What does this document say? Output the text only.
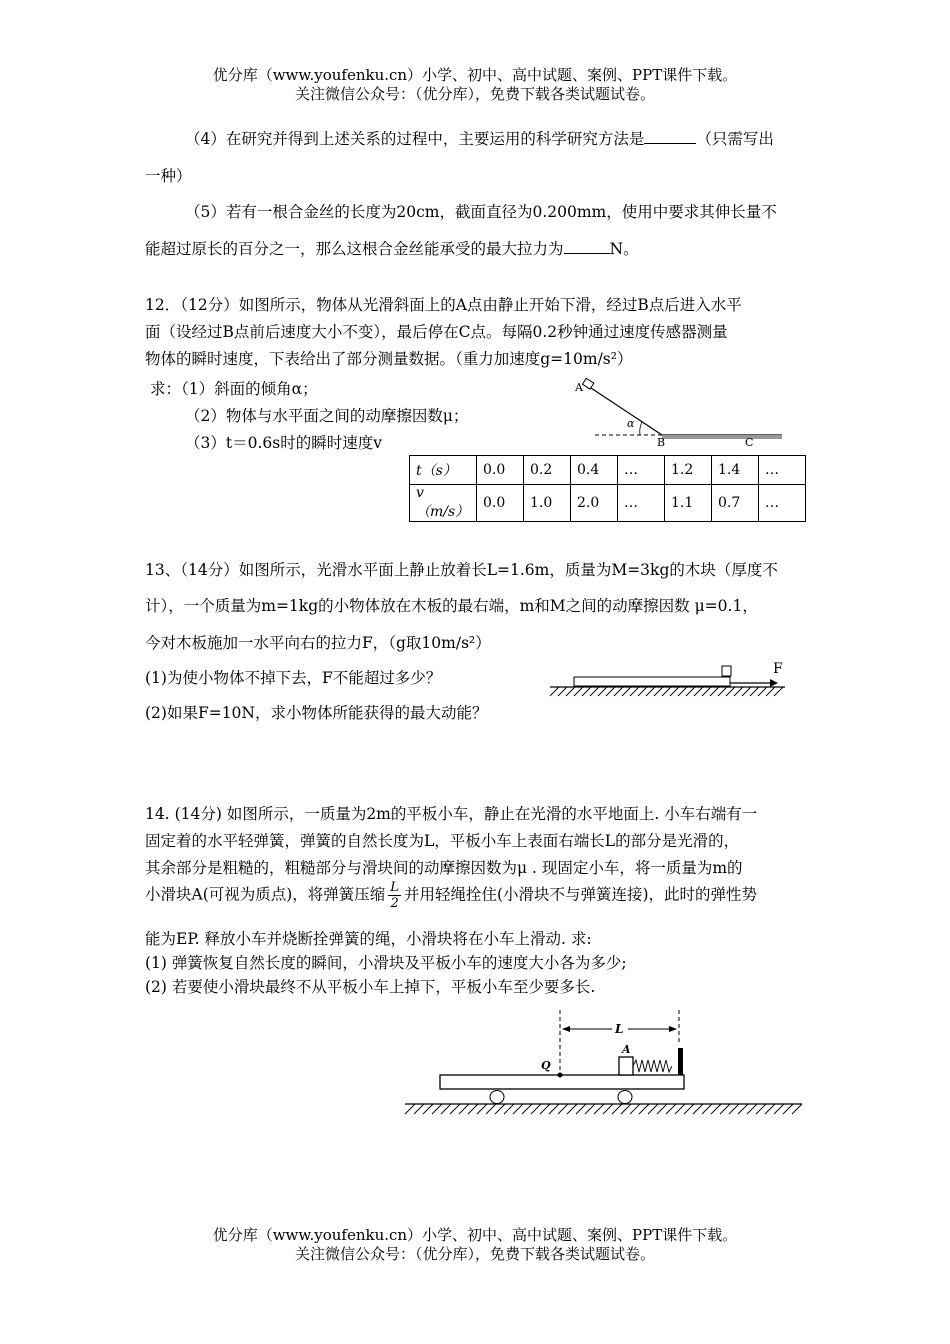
优分库（www.youfenku.cn）小学、初中、高中试题、案例、PPT课件下载。
关注微信公众号：（优分库），免费下载各类试题试卷。
（4）在研究并得到上述关系的过程中，主要运用的科学研究方法是	（只需写出
一种）
（5）若有一根合金丝的长度为20cm，截面直径为0.200mm，使用中要求其伸长量不
能超过原长的百分之一，那么这根合金丝能承受的最大拉力为	N。
12．（12分）如图所示，物体从光滑斜面上的A点由静止开始下滑，经过B点后进入水平
面（设经过B点前后速度大小不变），最后停在C点。每隔0.2秒钟通过速度传感器测量
物体的瞬时速度，下表给出了部分测量数据。（重力加速度g=10m/s²）
求：（1）斜面的倾角α；
（2）物体与水平面之间的动摩擦因数μ；
（3）t＝0.6s时的瞬时速度v
A
α
B	C
t（s）	0.0	0.2	0.4	…	1.2	1.4	…
v（m/s）	0.0	1.0	2.0	…	1.1	0.7	…
13、（14分）如图所示，光滑水平面上静止放着长L=1.6m，质量为M=3kg的木块（厚度不
计），一个质量为m=1kg的小物体放在木板的最右端，m和M之间的动摩擦因数 μ=0.1，
今对木板施加一水平向右的拉力F，（g取10m/s²）
(1)为使小物体不掉下去，F不能超过多少？
(2)如果F=10N，求小物体所能获得的最大动能？
F
14. (14分) 如图所示，一质量为2m的平板小车，静止在光滑的水平地面上. 小车右端有一
固定着的水平轻弹簧，弹簧的自然长度为L，平板小车上表面右端长L的部分是光滑的，
其余部分是粗糙的，粗糙部分与滑块间的动摩擦因数为μ . 现固定小车，将一质量为m的
小滑块A(可视为质点)，将弹簧压缩 $\frac{L}{2}$ 并用轻绳拴住(小滑块不与弹簧连接)，此时的弹性势
能为EP. 释放小车并烧断拴弹簧的绳，小滑块将在小车上滑动. 求:
(1) 弹簧恢复自然长度的瞬间，小滑块及平板小车的速度大小各为多少;
(2) 若要使小滑块最终不从平板小车上掉下，平板小车至少要多长.
L
A
Q
优分库（www.youfenku.cn）小学、初中、高中试题、案例、PPT课件下载。
关注微信公众号：（优分库），免费下载各类试题试卷。
